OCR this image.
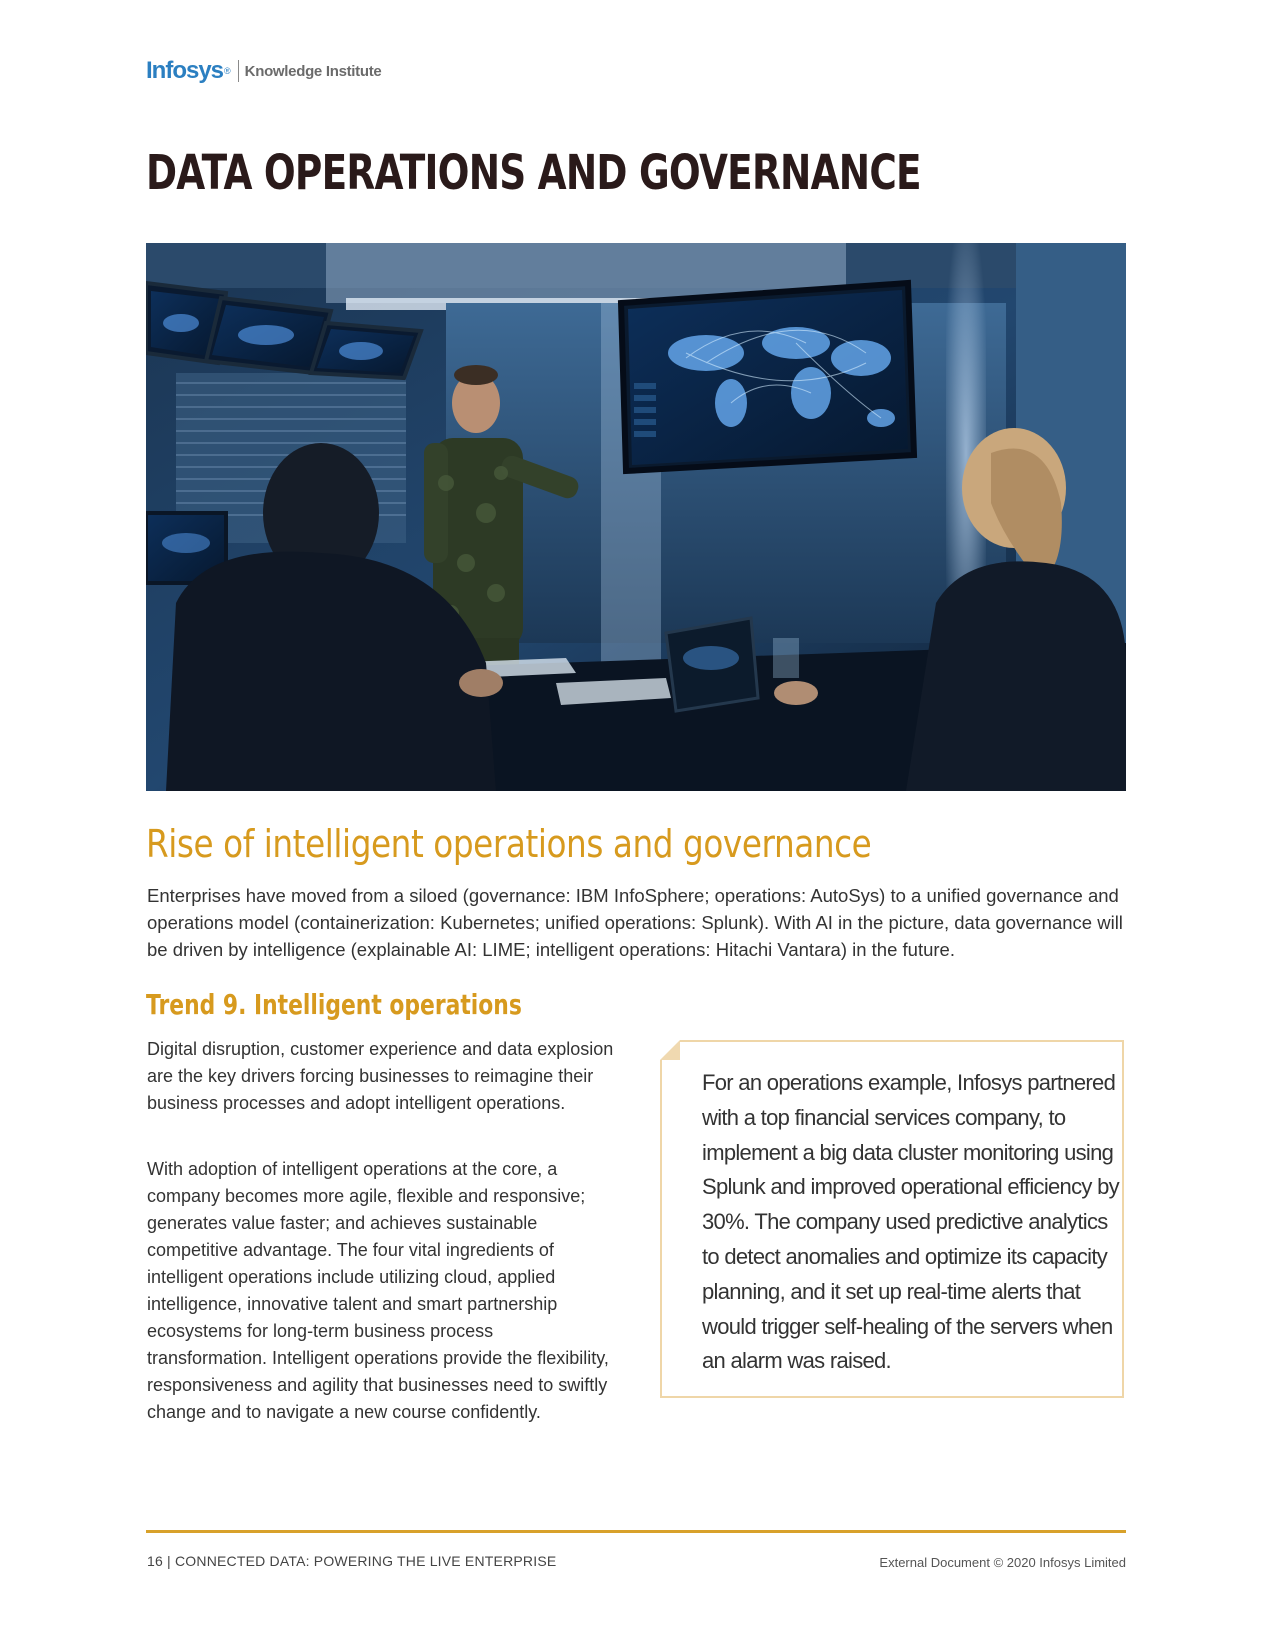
Infosys ® Knowledge Institute
DATA OPERATIONS AND GOVERNANCE
Rise of intelligent operations and governance

Enterprises have moved from a siloed (governance: IBM InfoSphere; operations: AutoSys) to a unified governance and operations model (containerization: Kubernetes; unified operations: Splunk). With AI in the picture, data governance will be driven by intelligence (explainable AI: LIME; intelligent operations: Hitachi Vantara) in the future.

Trend 9. Intelligent operations

Digital disruption, customer experience and data explosion are the key drivers forcing businesses to reimagine their business processes and adopt intelligent operations.

With adoption of intelligent operations at the core, a company becomes more agile, flexible and responsive; generates value faster; and achieves sustainable competitive advantage. The four vital ingredients of intelligent operations include utilizing cloud, applied intelligence, innovative talent and smart partnership ecosystems for long-term business process transformation. Intelligent operations provide the flexibility, responsiveness and agility that businesses need to swiftly change and to navigate a new course confidently.

For an operations example, Infosys partnered with a top financial services company, to implement a big data cluster monitoring using Splunk and improved operational efficiency by 30%. The company used predictive analytics to detect anomalies and optimize its capacity planning, and it set up real-time alerts that would trigger self-healing of the servers when an alarm was raised.

16 | CONNECTED DATA: POWERING THE LIVE ENTERPRISE	External Document © 2020 Infosys Limited
